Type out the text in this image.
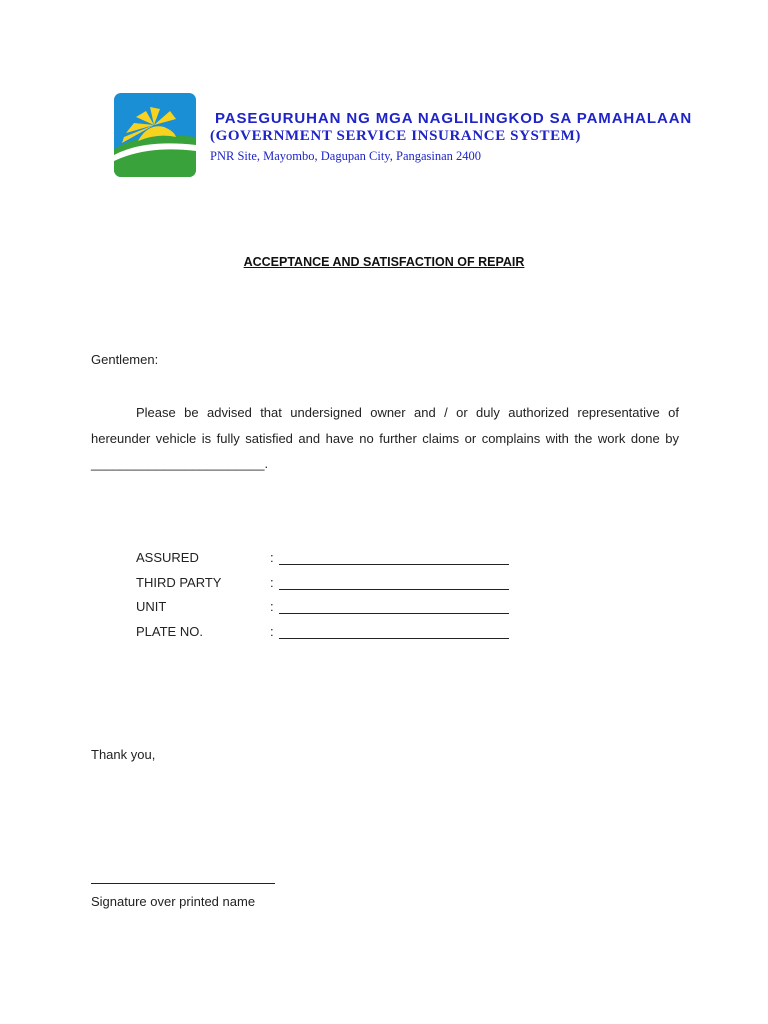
PASEGURUHAN NG MGA NAGLILINGKOD SA PAMAHALAAN
(GOVERNMENT SERVICE INSURANCE SYSTEM)
PNR Site, Mayombo, Dagupan City, Pangasinan 2400
ACCEPTANCE AND SATISFACTION OF REPAIR
Gentlemen:
Please be advised that undersigned owner and / or duly authorized representative of hereunder vehicle is fully satisfied and have no further claims or complains with the work done by ________________________.
ASSURED	:
THIRD PARTY	:
UNIT	:
PLATE NO.	:
Thank you,
Signature over printed name
